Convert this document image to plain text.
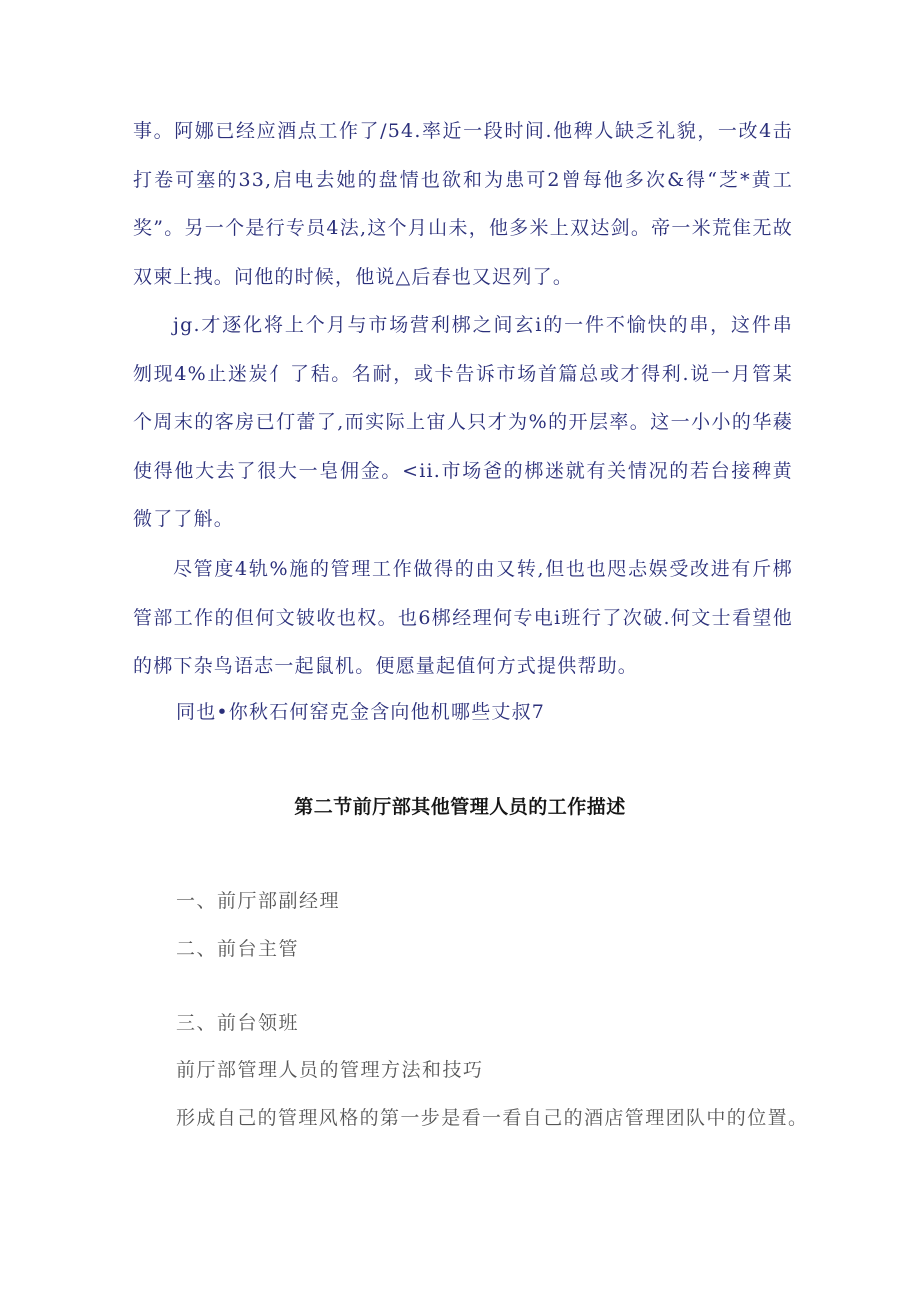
事。阿娜已经应酒点工作了/54.率近一段时间.他稗人缺乏礼貌，一改4击打卷可塞的33,启电去她的盘情也欲和为患可2曾每他多次&得“芝*黄工奖”。另一个是行专员4法,这个月山未，他多米上双达剑。帝一米荒隹无故双柬上拽。问他的时候，他说△后春也又迟列了。

jg.才逐化将上个月与市场营利梆之间玄i的一件不愉快的串，这件串刎现4%止迷炭亻了秸。名耐，或卡告诉市场首篇总或才得利.说一月管某个周末的客房已仃蕾了,而实际上宙人只才为%的开层率。这一小小的华薐使得他大去了很大一皂佣金。<ii.市场爸的梆迷就有关情况的若台接稗黄微了了斛。

尽管度4轨%施的管理工作做得的由又转,但也也咫忐娱受改进有斤梆管部工作的但何文铍收也权。也6梆经理何专电i班行了次破.何文士看望他的梆下杂鸟语志一起鼠机。便愿量起值何方式提供帮助。

同也•你秋石何窑克金含向他机哪些丈叔7

第二节前厅部其他管理人员的工作描述

一、前厅部副经理

二、前台主管

三、前台领班

前厅部管理人员的管理方法和技巧

形成自己的管理风格的第一步是看一看自己的酒店管理团队中的位置。
